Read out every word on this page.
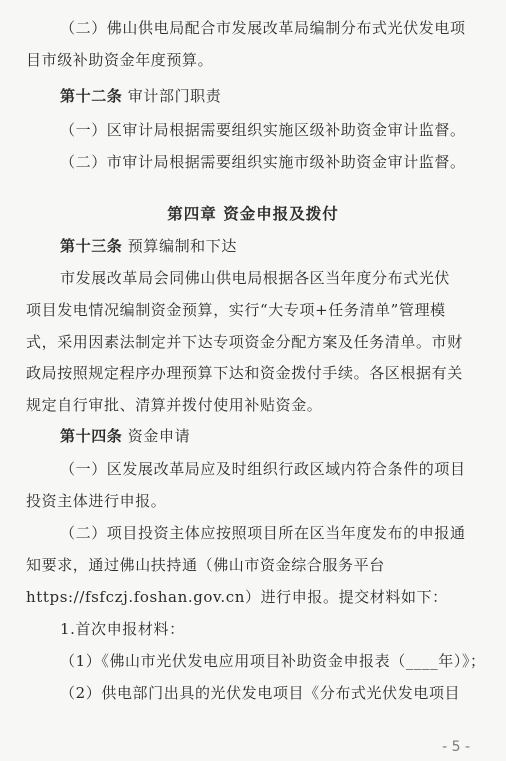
（二）佛山供电局配合市发展改革局编制分布式光伏发电项
目市级补助资金年度预算。
第十二条 审计部门职责
（一）区审计局根据需要组织实施区级补助资金审计监督。
（二）市审计局根据需要组织实施市级补助资金审计监督。
第四章 资金申报及拨付
第十三条 预算编制和下达
市发展改革局会同佛山供电局根据各区当年度分布式光伏
项目发电情况编制资金预算，实行“大专项+任务清单”管理模
式，采用因素法制定并下达专项资金分配方案及任务清单。市财
政局按照规定程序办理预算下达和资金拨付手续。各区根据有关
规定自行审批、清算并拨付使用补贴资金。
第十四条 资金申请
（一）区发展改革局应及时组织行政区域内符合条件的项目
投资主体进行申报。
（二）项目投资主体应按照项目所在区当年度发布的申报通
知要求，通过佛山扶持通（佛山市资金综合服务平台
https://fsfczj.foshan.gov.cn）进行申报。提交材料如下：
1.首次申报材料：
（1）《佛山市光伏发电应用项目补助资金申报表（____年）》；
（2）供电部门出具的光伏发电项目《分布式光伏发电项目
- 5 -
